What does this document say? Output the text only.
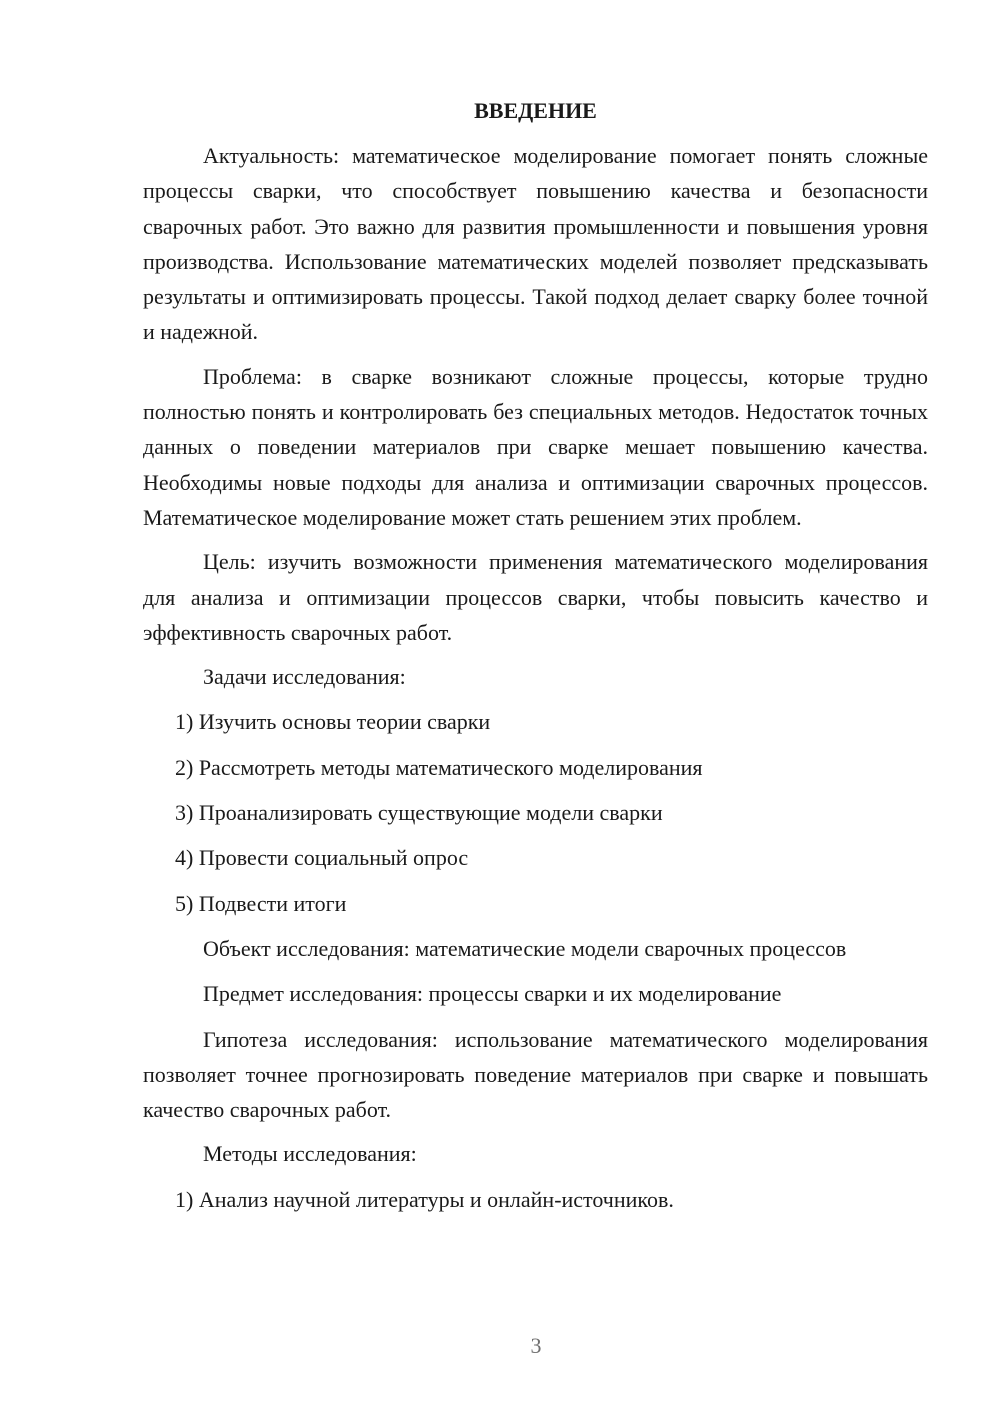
ВВЕДЕНИЕ

Актуальность: математическое моделирование помогает понять сложные процессы сварки, что способствует повышению качества и безопасности сварочных работ. Это важно для развития промышленности и повышения уровня производства. Использование математических моделей позволяет предсказывать результаты и оптимизировать процессы. Такой подход делает сварку более точной и надежной.

Проблема: в сварке возникают сложные процессы, которые трудно полностью понять и контролировать без специальных методов. Недостаток точных данных о поведении материалов при сварке мешает повышению качества. Необходимы новые подходы для анализа и оптимизации сварочных процессов. Математическое моделирование может стать решением этих проблем.

Цель: изучить возможности применения математического моделирования для анализа и оптимизации процессов сварки, чтобы повысить качество и эффективность сварочных работ.

Задачи исследования:

1) Изучить основы теории сварки
2) Рассмотреть методы математического моделирования
3) Проанализировать существующие модели сварки
4) Провести социальный опрос
5) Подвести итоги

Объект исследования: математические модели сварочных процессов

Предмет исследования: процессы сварки и их моделирование

Гипотеза исследования: использование математического моделирования позволяет точнее прогнозировать поведение материалов при сварке и повышать качество сварочных работ.

Методы исследования:

1) Анализ научной литературы и онлайн-источников.
3
